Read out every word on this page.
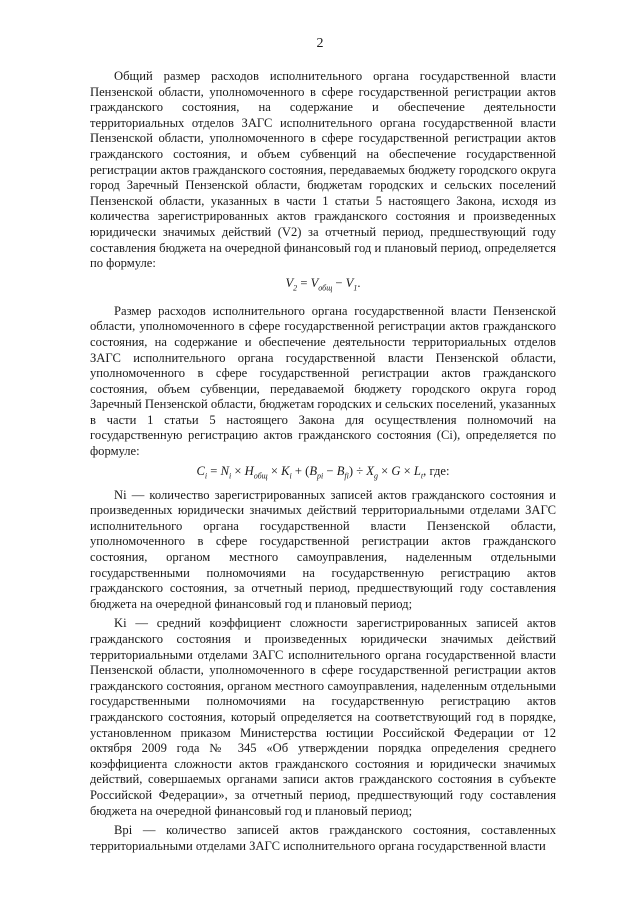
2

Общий размер расходов исполнительного органа государственной власти Пензенской области, уполномоченного в сфере государственной регистрации актов гражданского состояния, на содержание и обеспечение деятельности территориальных отделов ЗАГС исполнительного органа государственной власти Пензенской области, уполномоченного в сфере государственной регистрации актов гражданского состояния, и объем субвенций на обеспечение государственной регистрации актов гражданского состояния, передаваемых бюджету городского округа город Заречный Пензенской области, бюджетам городских и сельских поселений Пензенской области, указанных в части 1 статьи 5 настоящего Закона, исходя из количества зарегистрированных актов гражданского состояния и произведенных юридически значимых действий (V2) за отчетный период, предшествующий году составления бюджета на очередной финансовый год и плановый период, определяется по формуле:

$V_2 = V_{общ} - V_1$.

Размер расходов исполнительного органа государственной власти Пензенской области, уполномоченного в сфере государственной регистрации актов гражданского состояния, на содержание и обеспечение деятельности территориальных отделов ЗАГС исполнительного органа государственной власти Пензенской области, уполномоченного в сфере государственной регистрации актов гражданского состояния, объем субвенции, передаваемой бюджету городского округа город Заречный Пензенской области, бюджетам городских и сельских поселений, указанных в части 1 статьи 5 настоящего Закона для осуществления полномочий на государственную регистрацию актов гражданского состояния (Ci), определяется по формуле:

$C_i = N_i \times H_{общ} \times K_i + (B_{pi} - B_{fi}) \div X_g \times G \times L_t$, где:

Ni — количество зарегистрированных записей актов гражданского состояния и произведенных юридически значимых действий территориальными отделами ЗАГС исполнительного органа государственной власти Пензенской области, уполномоченного в сфере государственной регистрации актов гражданского состояния, органом местного самоуправления, наделенным отдельными государственными полномочиями на государственную регистрацию актов гражданского состояния, за отчетный период, предшествующий году составления бюджета на очередной финансовый год и плановый период;

Ki — средний коэффициент сложности зарегистрированных записей актов гражданского состояния и произведенных юридически значимых действий территориальными отделами ЗАГС исполнительного органа государственной власти Пензенской области, уполномоченного в сфере государственной регистрации актов гражданского состояния, органом местного самоуправления, наделенным отдельными государственными полномочиями на государственную регистрацию актов гражданского состояния, который определяется на соответствующий год в порядке, установленном приказом Министерства юстиции Российской Федерации от 12 октября 2009 года № 345 «Об утверждении порядка определения среднего коэффициента сложности актов гражданского состояния и юридически значимых действий, совершаемых органами записи актов гражданского состояния в субъекте Российской Федерации», за отчетный период, предшествующий году составления бюджета на очередной финансовый год и плановый период;

Bpi — количество записей актов гражданского состояния, составленных территориальными отделами ЗАГС исполнительного органа государственной власти
